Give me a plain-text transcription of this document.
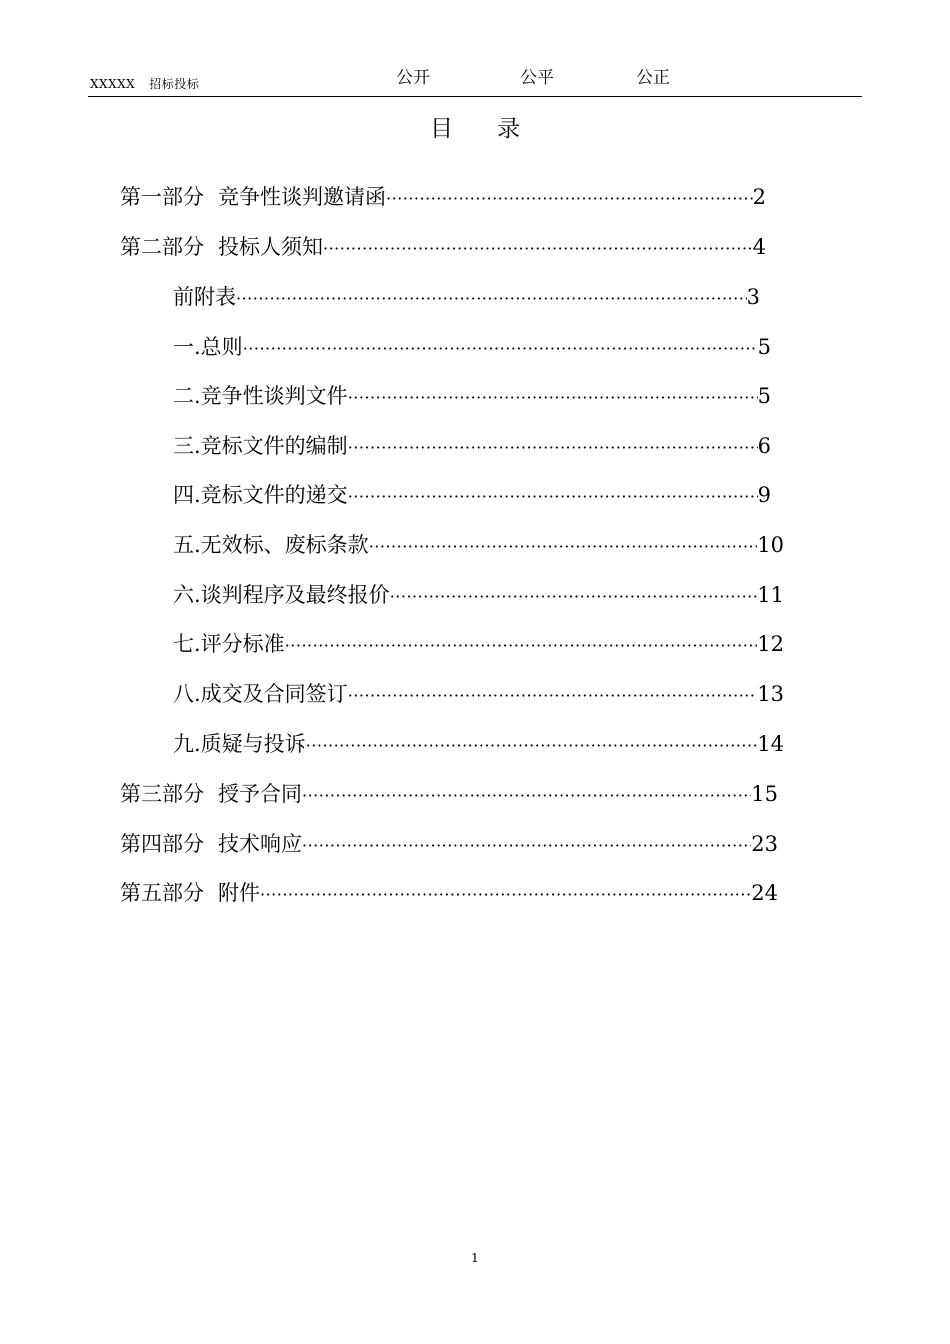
XXXXX 招标投标	公开	公平	公正
目录
第一部分 竞争性谈判邀请函 ·····	2
第二部分 投标人须知 ·····	4
前附表 ·····	3
一.总则 ·····	5
二.竞争性谈判文件 ·····	5
三.竞标文件的编制 ·····	6
四.竞标文件的递交 ·····	9
五.无效标、废标条款 ·····	10
六.谈判程序及最终报价 ·····	11
七.评分标准 ·····	12
八.成交及合同签订 ·····	13
九.质疑与投诉 ·····	14
第三部分 授予合同 ·····	15
第四部分 技术响应 ·····	23
第五部分 附件 ·····	24
1
